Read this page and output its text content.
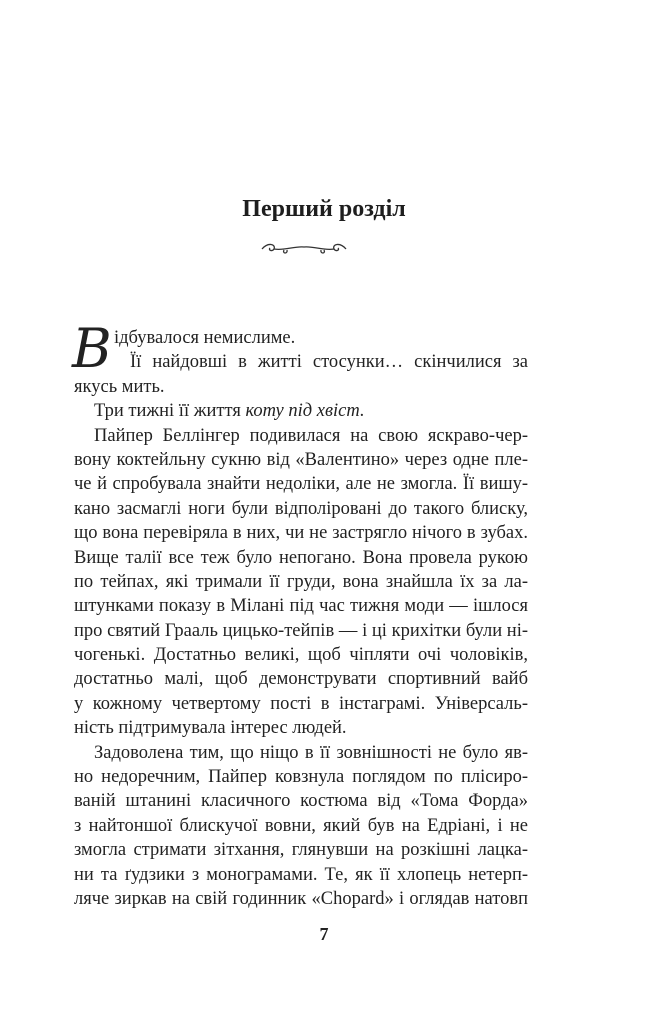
Перший розділ
В ідбувалося немислиме.
Її найдовші в житті стосунки… скінчилися за
якусь мить.
Три тижні її життя коту під хвіст.
Пайпер Беллінгер подивилася на свою яскраво-чер-
вону коктейльну сукню від «Валентино» через одне пле-
че й спробувала знайти недоліки, але не змогла. Її вишу-
кано засмаглі ноги були відполіровані до такого блиску,
що вона перевіряла в них, чи не застрягло нічого в зубах.
Вище талії все теж було непогано. Вона провела рукою
по тейпах, які тримали її груди, вона знайшла їх за ла-
штунками показу в Мілані під час тижня моди — ішлося
про святий Грааль цицько-тейпів — і ці крихітки були ні-
чогенькі. Достатньо великі, щоб чіпляти очі чоловіків,
достатньо малі, щоб демонструвати спортивний вайб
у кожному четвертому пості в інстаграмі. Універсаль-
ність підтримувала інтерес людей.
Задоволена тим, що ніщо в її зовнішності не було яв-
но недоречним, Пайпер ковзнула поглядом по плісиро-
ваній штанині класичного костюма від «Тома Форда»
з найтоншої блискучої вовни, який був на Едріані, і не
змогла стримати зітхання, глянувши на розкішні лацка-
ни та ґудзики з монограмами. Те, як її хлопець нетерп-
ляче зиркав на свій годинник «Chopard» і оглядав натовп
7
